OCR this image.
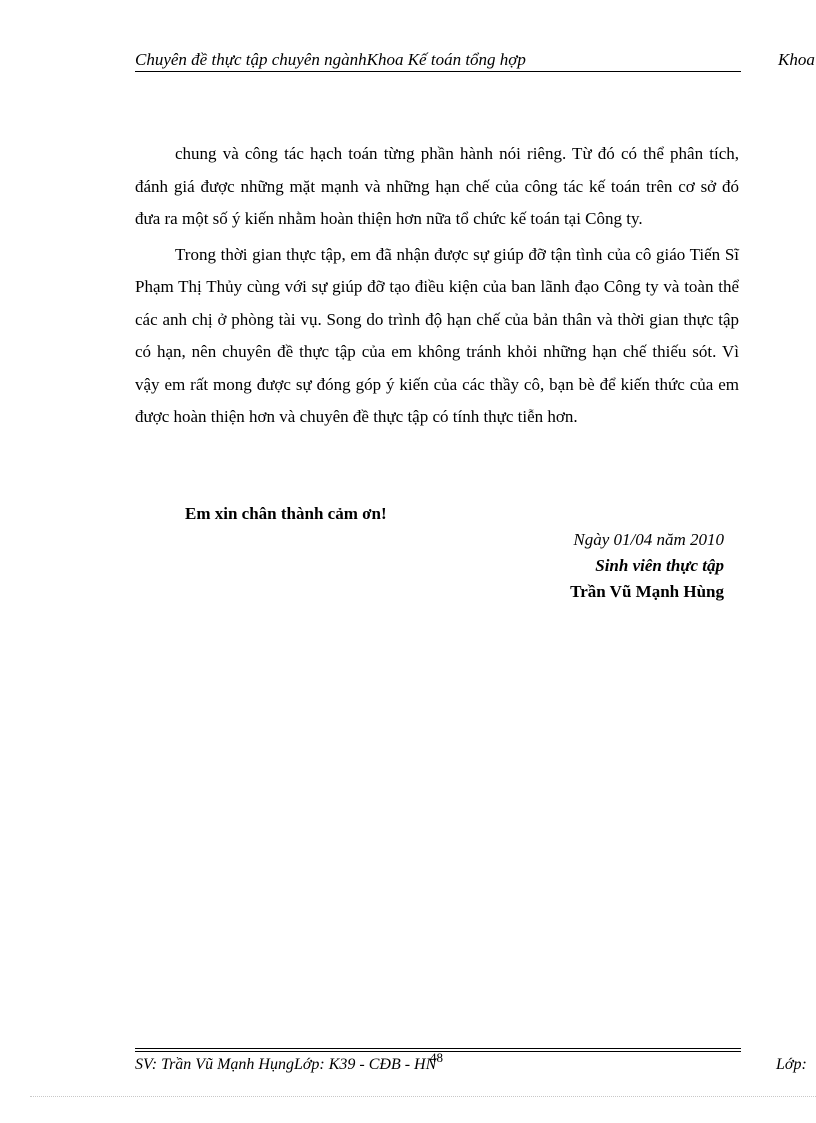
Chuyên đề thực tập chuyên ngànhKhoa Kế toán tổng hợp	Khoa

chung và công tác hạch toán từng phần hành nói riêng. Từ đó có thể phân tích, đánh giá được những mặt mạnh và những hạn chế của công tác kế toán trên cơ sở đó đưa ra một số ý kiến nhằm hoàn thiện hơn nữa tổ chức kế toán tại Công ty.

Trong thời gian thực tập, em đã nhận được sự giúp đỡ tận tình của cô giáo Tiến Sĩ Phạm Thị Thủy cùng với sự giúp đỡ tạo điều kiện của ban lãnh đạo Công ty và toàn thể các anh chị ở phòng tài vụ. Song do trình độ hạn chế của bản thân và thời gian thực tập có hạn, nên chuyên đề thực tập của em không tránh khỏi những hạn chế thiếu sót. Vì vậy em rất mong được sự đóng góp ý kiến của các thầy cô, bạn bè để kiến thức của em được hoàn thiện hơn và chuyên đề thực tập có tính thực tiễn hơn.

Em xin chân thành cảm ơn!
Ngày 01/04 năm 2010
Sinh viên thực tập
Trần Vũ Mạnh Hùng
SV: Trần Vũ Mạnh HụngLớp: K39 - CĐB - HN
48	Lớp:
